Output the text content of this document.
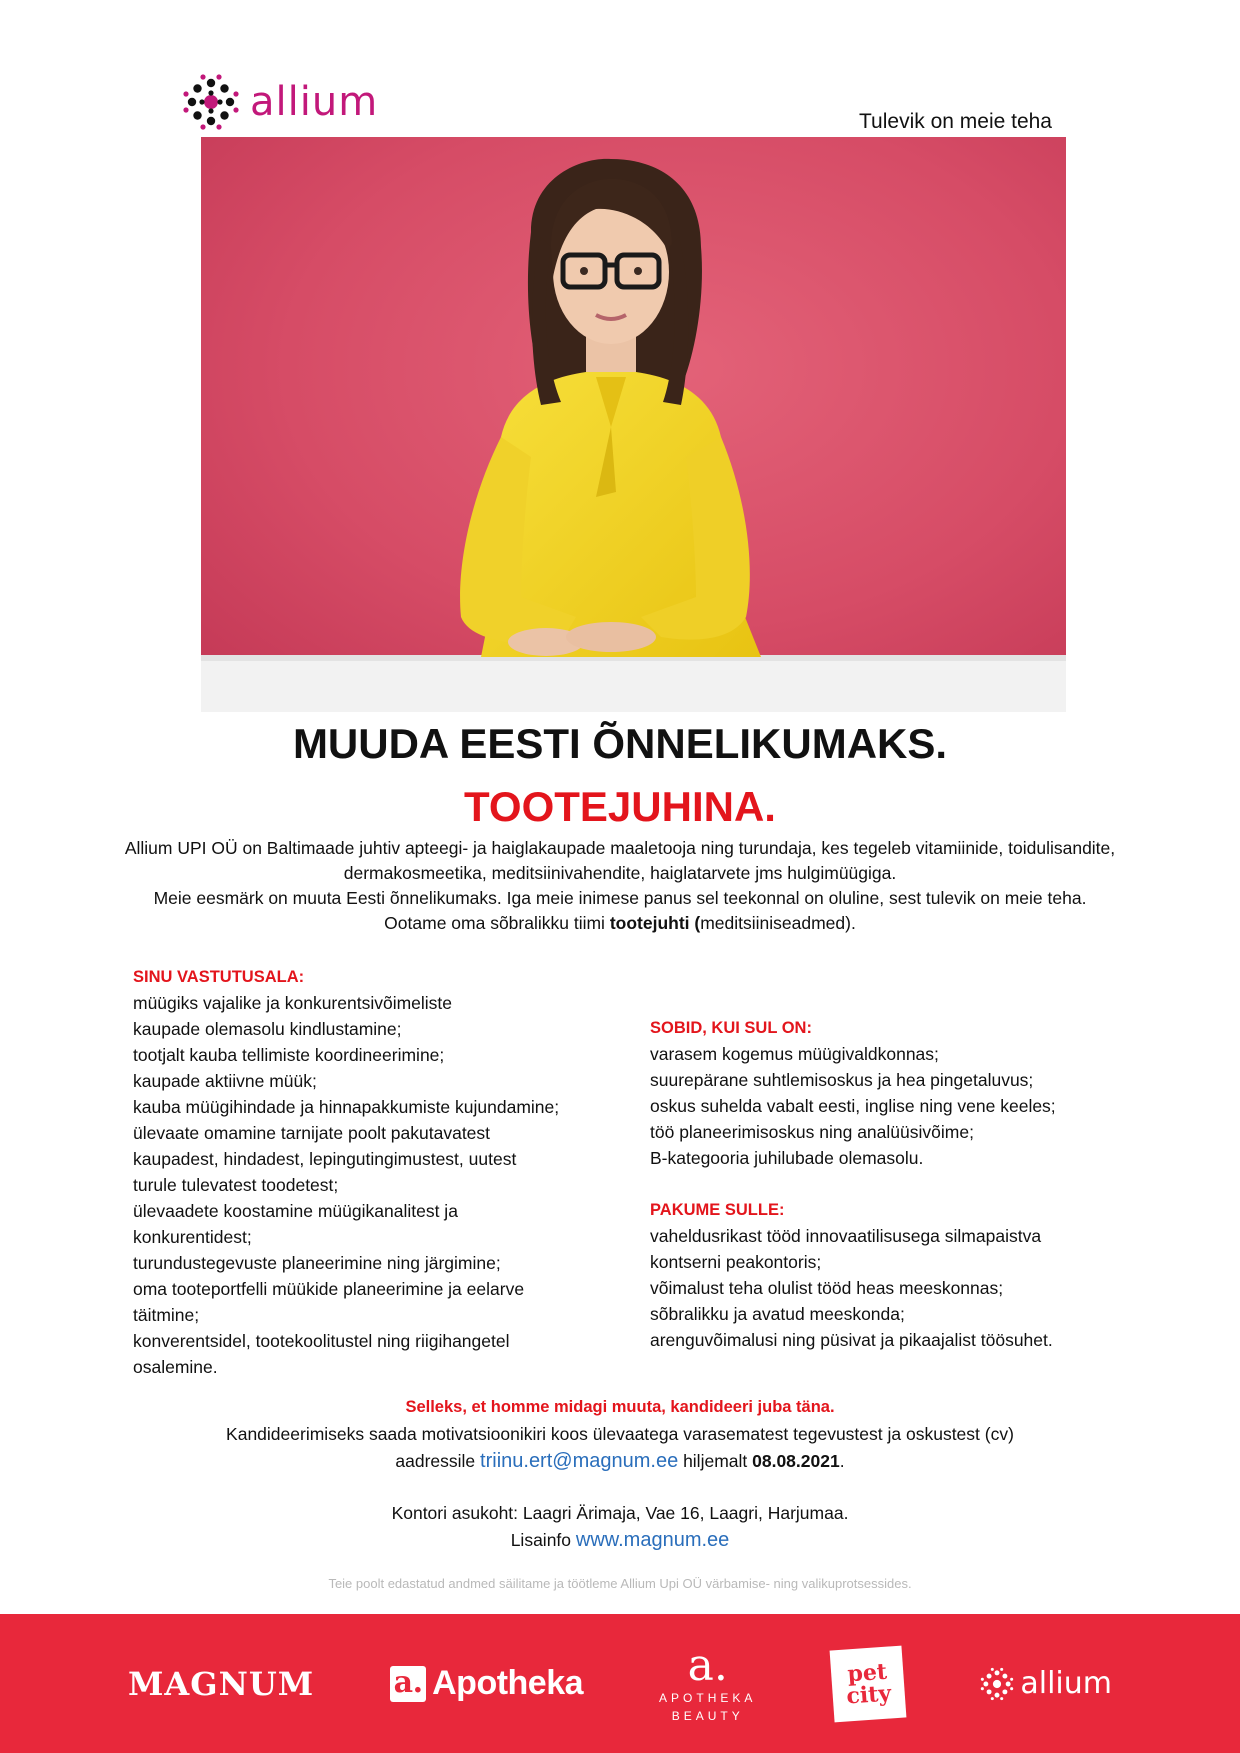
allium	Tulevik on meie teha
MUUDA EESTI ÕNNELIKUMAKS.
TOOTEJUHINA.

Allium UPI OÜ on Baltimaade juhtiv apteegi- ja haiglakaupade maaletooja ning turundaja, kes tegeleb vitamiinide, toidulisandite,

dermakosmeetika, meditsiinivahendite, haiglatarvete jms hulgimüügiga.

Meie eesmärk on muuta Eesti õnnelikumaks. Iga meie inimese panus sel teekonnal on oluline, sest tulevik on meie teha.

Ootame oma sõbralikku tiimi tootejuhti (meditsiiniseadmed).

SINU VASTUTUSALA:
müügiks vajalike ja konkurentsivõimeliste
kaupade olemasolu kindlustamine;
tootjalt kauba tellimiste koordineerimine;
kaupade aktiivne müük;
kauba müügihindade ja hinnapakkumiste kujundamine;
ülevaate omamine tarnijate poolt pakutavatest
kaupadest, hindadest, lepingutingimustest, uutest
turule tulevatest toodetest;
ülevaadete koostamine müügikanalitest ja
konkurentidest;
turundustegevuste planeerimine ning järgimine;
oma tooteportfelli müükide planeerimine ja eelarve
täitmine;
konverentsidel, tootekoolitustel ning riigihangetel
osalemine.
SOBID, KUI SUL ON:
varasem kogemus müügivaldkonnas;
suurepärane suhtlemisoskus ja hea pingetaluvus;
oskus suhelda vabalt eesti, inglise ning vene keeles;
töö planeerimisoskus ning analüüsivõime;
B-kategooria juhilubade olemasolu.
PAKUME SULLE:
vaheldusrikast tööd innovaatilisusega silmapaistva
kontserni peakontoris;
võimalust teha olulist tööd heas meeskonnas;
sõbralikku ja avatud meeskonda;
arenguvõimalusi ning püsivat ja pikaajalist töösuhet.
Selleks, et homme midagi muuta, kandideeri juba täna.
Kandideerimiseks saada motivatsioonikiri koos ülevaatega varasematest tegevustest ja oskustest (cv)
aadressile triinu.ert@magnum.ee hiljemalt 08.08.2021.
Kontori asukoht: Laagri Ärimaja, Vae 16, Laagri, Harjumaa.
Lisainfo www.magnum.ee
Teie poolt edastatud andmed säilitame ja töötleme Allium Upi OÜ värbamise- ning valikuprotsessides.
MAGNUM	a. Apotheka a.
APOTHEKA
BEAUTY
pet
city	allium
